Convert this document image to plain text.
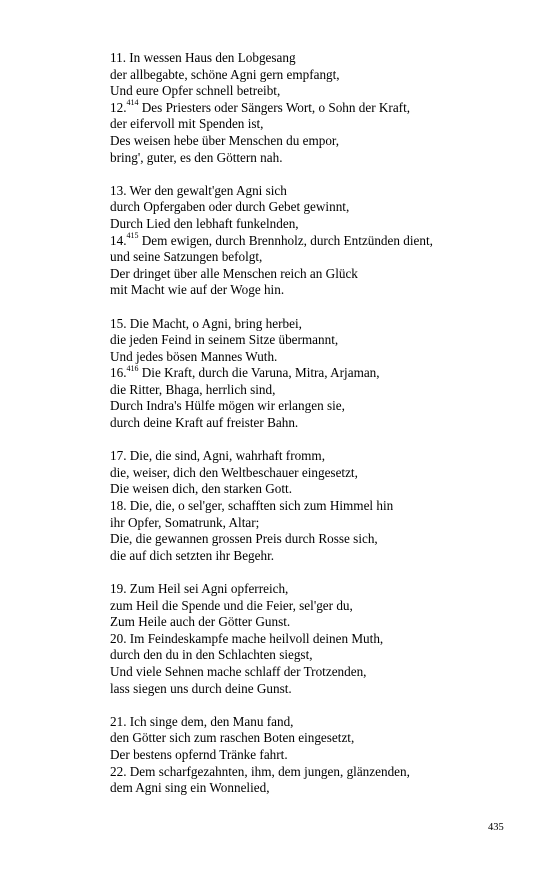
11. In wessen Haus den Lobgesang
der allbegabte, schöne Agni gern empfangt,
Und eure Opfer schnell betreibt,
12.$^{414}$ Des Priesters oder Sängers Wort, o Sohn der Kraft,
der eifervoll mit Spenden ist,
Des weisen hebe über Menschen du empor,
bring', guter, es den Göttern nah.
13. Wer den gewalt'gen Agni sich
durch Opfergaben oder durch Gebet gewinnt,
Durch Lied den lebhaft funkelnden,
14.$^{415}$ Dem ewigen, durch Brennholz, durch Entzünden dient,
und seine Satzungen befolgt,
Der dringet über alle Menschen reich an Glück
mit Macht wie auf der Woge hin.
15. Die Macht, o Agni, bring herbei,
die jeden Feind in seinem Sitze übermannt,
Und jedes bösen Mannes Wuth.
16.$^{416}$ Die Kraft, durch die Varuna, Mitra, Arjaman,
die Ritter, Bhaga, herrlich sind,
Durch Indra's Hülfe mögen wir erlangen sie,
durch deine Kraft auf freister Bahn.
17. Die, die sind, Agni, wahrhaft fromm,
die, weiser, dich den Weltbeschauer eingesetzt,
Die weisen dich, den starken Gott.
18. Die, die, o sel'ger, schafften sich zum Himmel hin
ihr Opfer, Somatrunk, Altar;
Die, die gewannen grossen Preis durch Rosse sich,
die auf dich setzten ihr Begehr.
19. Zum Heil sei Agni opferreich,
zum Heil die Spende und die Feier, sel'ger du,
Zum Heile auch der Götter Gunst.
20. Im Feindeskampfe mache heilvoll deinen Muth,
durch den du in den Schlachten siegst,
Und viele Sehnen mache schlaff der Trotzenden,
lass siegen uns durch deine Gunst.
21. Ich singe dem, den Manu fand,
den Götter sich zum raschen Boten eingesetzt,
Der bestens opfernd Tränke fahrt.
22. Dem scharfgezahnten, ihm, dem jungen, glänzenden,
dem Agni sing ein Wonnelied,
435
